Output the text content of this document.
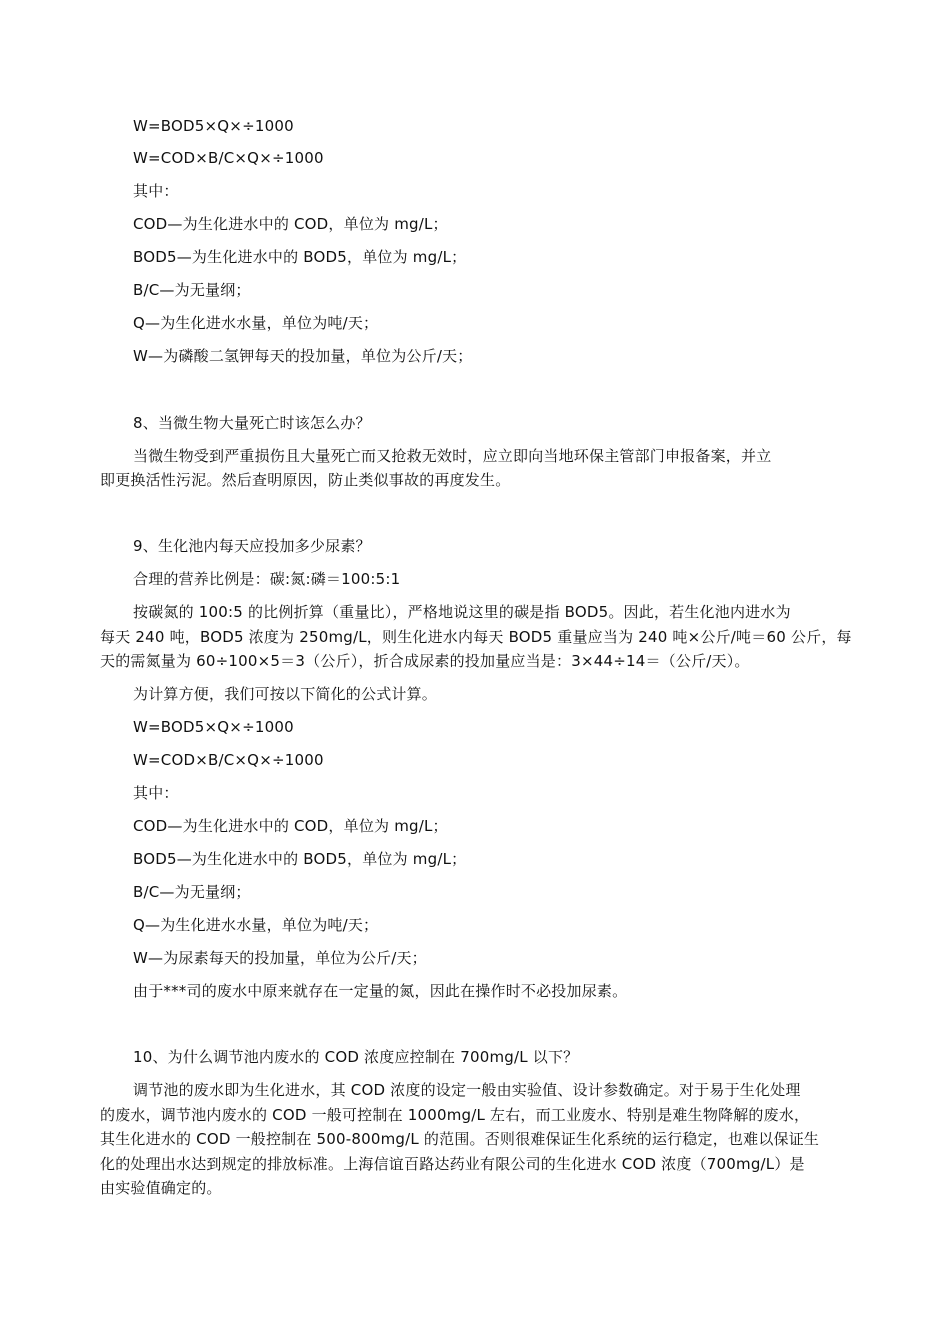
W=BOD5×Q×÷1000
W=COD×B/C×Q×÷1000
其中：
COD—为生化进水中的 COD，单位为 mg/L；
BOD5—为生化进水中的 BOD5，单位为 mg/L；
B/C—为无量纲；
Q—为生化进水水量，单位为吨/天；
W—为磷酸二氢钾每天的投加量，单位为公斤/天；
8、当微生物大量死亡时该怎么办？
当微生物受到严重损伤且大量死亡而又抢救无效时，应立即向当地环保主管部门申报备案，并立
即更换活性污泥。然后查明原因，防止类似事故的再度发生。
9、生化池内每天应投加多少尿素？
合理的营养比例是：碳:氮:磷＝100:5:1
按碳氮的 100:5 的比例折算（重量比），严格地说这里的碳是指 BOD5。因此，若生化池内进水为
每天 240 吨，BOD5 浓度为 250mg/L，则生化进水内每天 BOD5 重量应当为 240 吨×公斤/吨＝60 公斤，每
天的需氮量为 60÷100×5＝3（公斤），折合成尿素的投加量应当是：3×44÷14＝（公斤/天）。
为计算方便，我们可按以下简化的公式计算。
W=BOD5×Q×÷1000
W=COD×B/C×Q×÷1000
其中：
COD—为生化进水中的 COD，单位为 mg/L；
BOD5—为生化进水中的 BOD5，单位为 mg/L；
B/C—为无量纲；
Q—为生化进水水量，单位为吨/天；
W—为尿素每天的投加量，单位为公斤/天；
由于***司的废水中原来就存在一定量的氮，因此在操作时不必投加尿素。
10、为什么调节池内废水的 COD 浓度应控制在 700mg/L 以下？
调节池的废水即为生化进水，其 COD 浓度的设定一般由实验值、设计参数确定。对于易于生化处理
的废水，调节池内废水的 COD 一般可控制在 1000mg/L 左右，而工业废水、特别是难生物降解的废水，
其生化进水的 COD 一般控制在 500-800mg/L 的范围。否则很难保证生化系统的运行稳定，也难以保证生
化的处理出水达到规定的排放标准。上海信谊百路达药业有限公司的生化进水 COD 浓度（700mg/L）是
由实验值确定的。
